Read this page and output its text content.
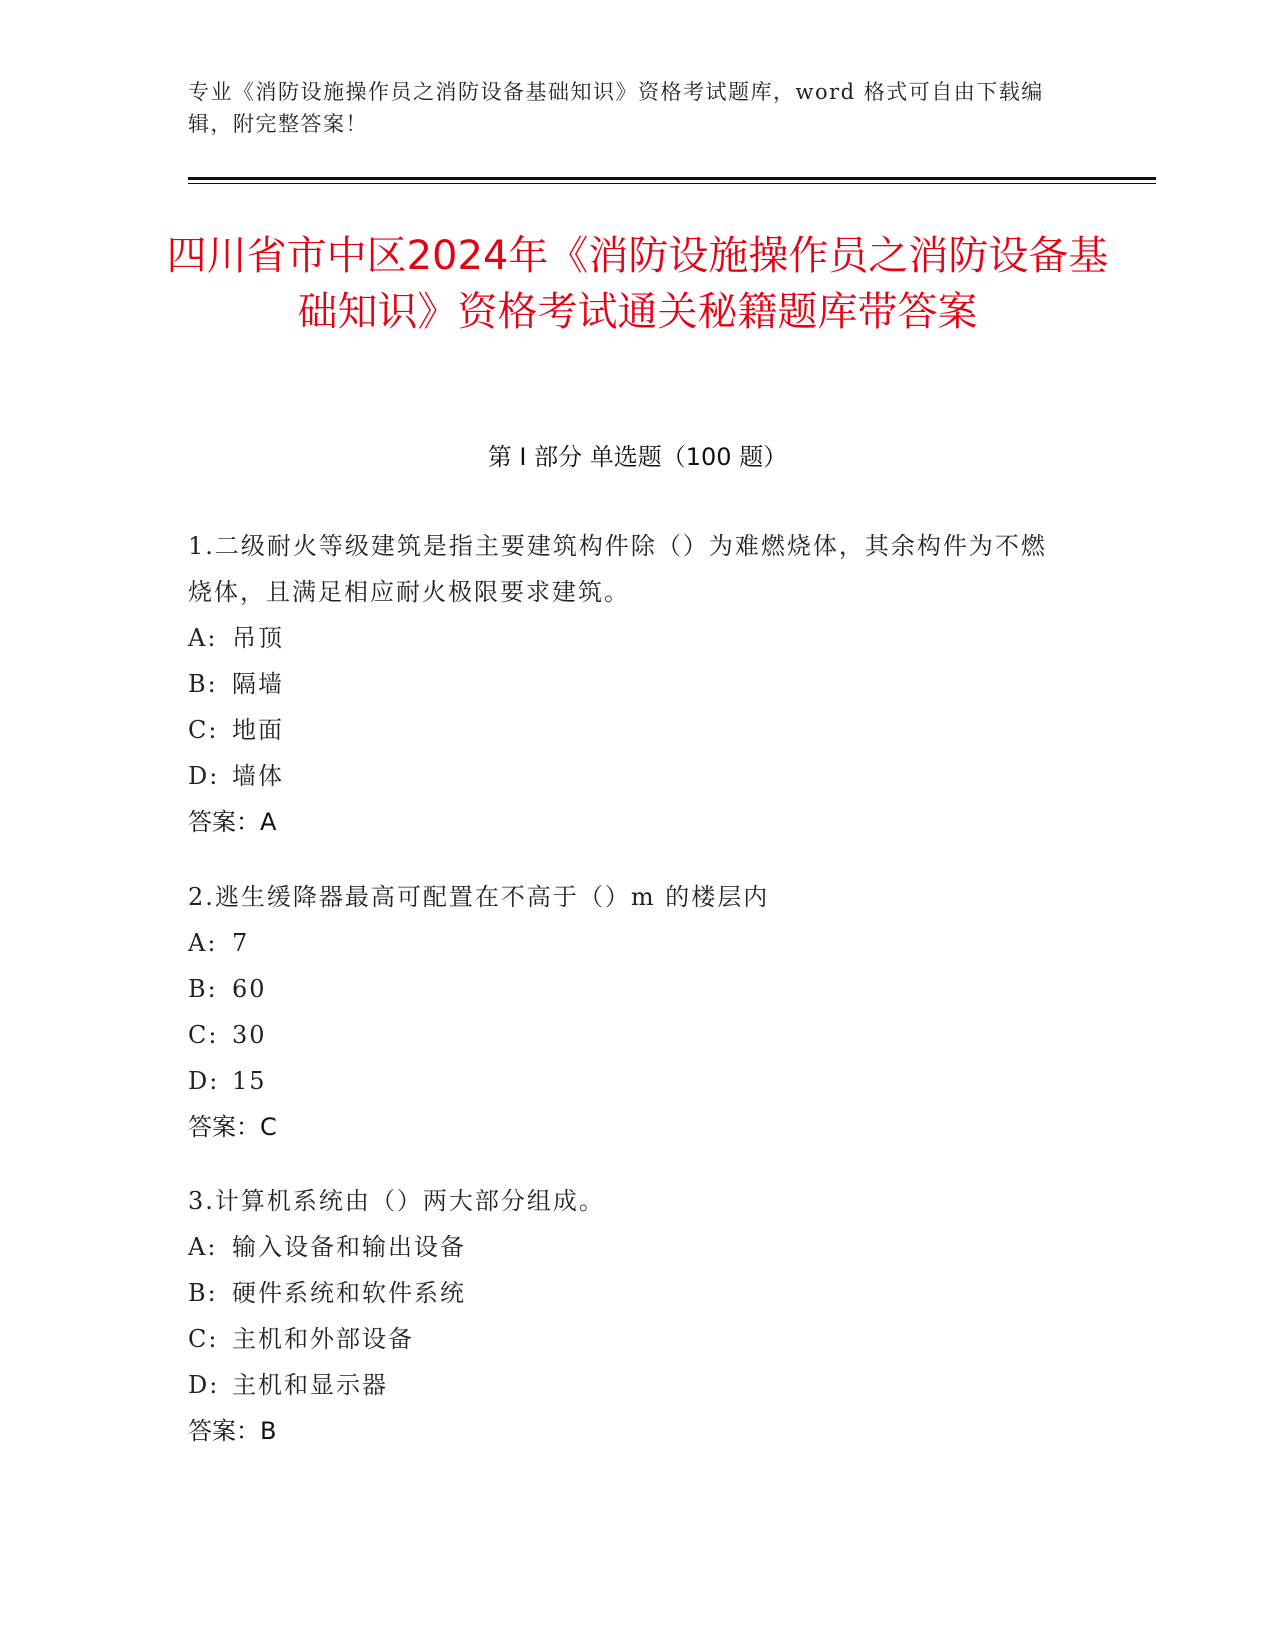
专业《消防设施操作员之消防设备基础知识》资格考试题库，word 格式可自由下载编辑，附完整答案！
四川省市中区2024年《消防设施操作员之消防设备基础知识》资格考试通关秘籍题库带答案
第 I 部分 单选题（100 题）
1.二级耐火等级建筑是指主要建筑构件除（）为难燃烧体，其余构件为不燃烧体，且满足相应耐火极限要求建筑。
A: 吊顶
B: 隔墙
C: 地面
D: 墙体
答案：A
2.逃生缓降器最高可配置在不高于（）m 的楼层内
A: 7
B: 60
C: 30
D: 15
答案：C
3.计算机系统由（）两大部分组成。
A: 输入设备和输出设备
B: 硬件系统和软件系统
C: 主机和外部设备
D: 主机和显示器
答案：B
